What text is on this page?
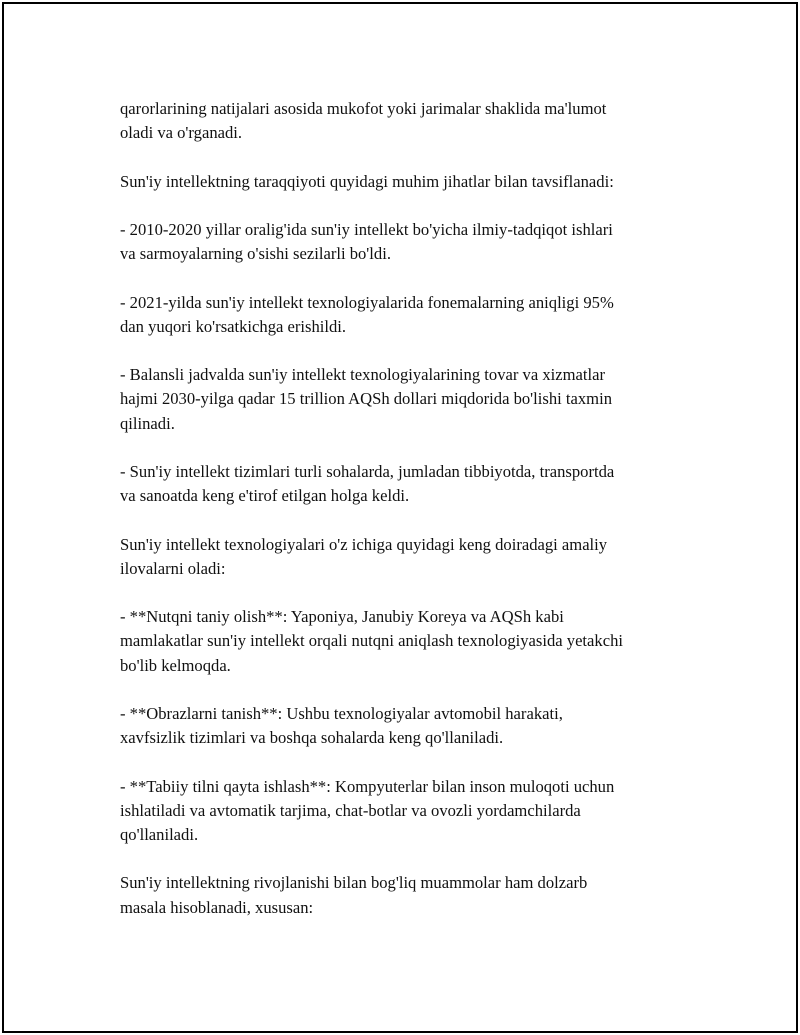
qarorlarining natijalari asosida mukofot yoki jarimalar shaklida ma'lumot
oladi va o'rganadi.

Sun'iy intellektning taraqqiyoti quyidagi muhim jihatlar bilan tavsiflanadi:

- 2010-2020 yillar oralig'ida sun'iy intellekt bo'yicha ilmiy-tadqiqot ishlari
va sarmoyalarning o'sishi sezilarli bo'ldi.

- 2021-yilda sun'iy intellekt texnologiyalarida fonemalarning aniqligi 95%
dan yuqori ko'rsatkichga erishildi.

- Balansli jadvalda sun'iy intellekt texnologiyalarining tovar va xizmatlar
hajmi 2030-yilga qadar 15 trillion AQSh dollari miqdorida bo'lishi taxmin
qilinadi.

- Sun'iy intellekt tizimlari turli sohalarda, jumladan tibbiyotda, transportda
va sanoatda keng e'tirof etilgan holga keldi.

Sun'iy intellekt texnologiyalari o'z ichiga quyidagi keng doiradagi amaliy
ilovalarni oladi:

- **Nutqni taniy olish**: Yaponiya, Janubiy Koreya va AQSh kabi
mamlakatlar sun'iy intellekt orqali nutqni aniqlash texnologiyasida yetakchi
bo'lib kelmoqda.

- **Obrazlarni tanish**: Ushbu texnologiyalar avtomobil harakati,
xavfsizlik tizimlari va boshqa sohalarda keng qo'llaniladi.

- **Tabiiy tilni qayta ishlash**: Kompyuterlar bilan inson muloqoti uchun
ishlatiladi va avtomatik tarjima, chat-botlar va ovozli yordamchilarda
qo'llaniladi.

Sun'iy intellektning rivojlanishi bilan bog'liq muammolar ham dolzarb
masala hisoblanadi, xususan:
